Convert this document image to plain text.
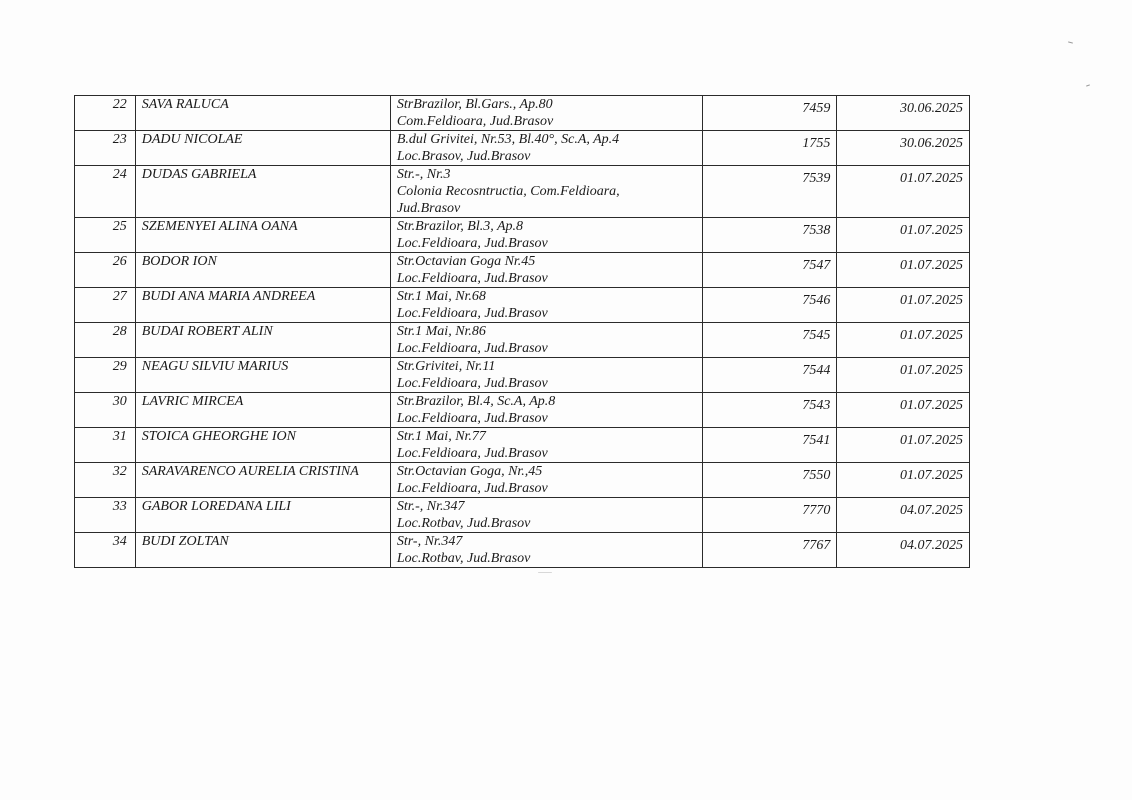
22	SAVA RALUCA	StrBrazilor, Bl.Gars., Ap.80
Com.Feldioara, Jud.Brasov	7459	30.06.2025
23	DADU NICOLAE	B.dul Grivitei, Nr.53, Bl.40°, Sc.A, Ap.4
Loc.Brasov, Jud.Brasov	1755	30.06.2025
24	DUDAS GABRIELA	Str.-, Nr.3
Colonia Recosntructia, Com.Feldioara,
Jud.Brasov	7539	01.07.2025
25	SZEMENYEI ALINA OANA	Str.Brazilor, Bl.3, Ap.8
Loc.Feldioara, Jud.Brasov	7538	01.07.2025
26	BODOR ION	Str.Octavian Goga Nr.45
Loc.Feldioara, Jud.Brasov	7547	01.07.2025
27	BUDI ANA MARIA ANDREEA	Str.1 Mai, Nr.68
Loc.Feldioara, Jud.Brasov	7546	01.07.2025
28	BUDAI ROBERT ALIN	Str.1 Mai, Nr.86
Loc.Feldioara, Jud.Brasov	7545	01.07.2025
29	NEAGU SILVIU MARIUS	Str.Grivitei, Nr.11
Loc.Feldioara, Jud.Brasov	7544	01.07.2025
30	LAVRIC MIRCEA	Str.Brazilor, Bl.4, Sc.A, Ap.8
Loc.Feldioara, Jud.Brasov	7543	01.07.2025
31	STOICA GHEORGHE ION	Str.1 Mai, Nr.77
Loc.Feldioara, Jud.Brasov	7541	01.07.2025
32	SARAVARENCO AURELIA CRISTINA	Str.Octavian Goga, Nr.,45
Loc.Feldioara, Jud.Brasov	7550	01.07.2025
33	GABOR LOREDANA LILI	Str.-, Nr.347
Loc.Rotbav, Jud.Brasov	7770	04.07.2025
34	BUDI ZOLTAN	Str-, Nr.347
Loc.Rotbav, Jud.Brasov	7767	04.07.2025
